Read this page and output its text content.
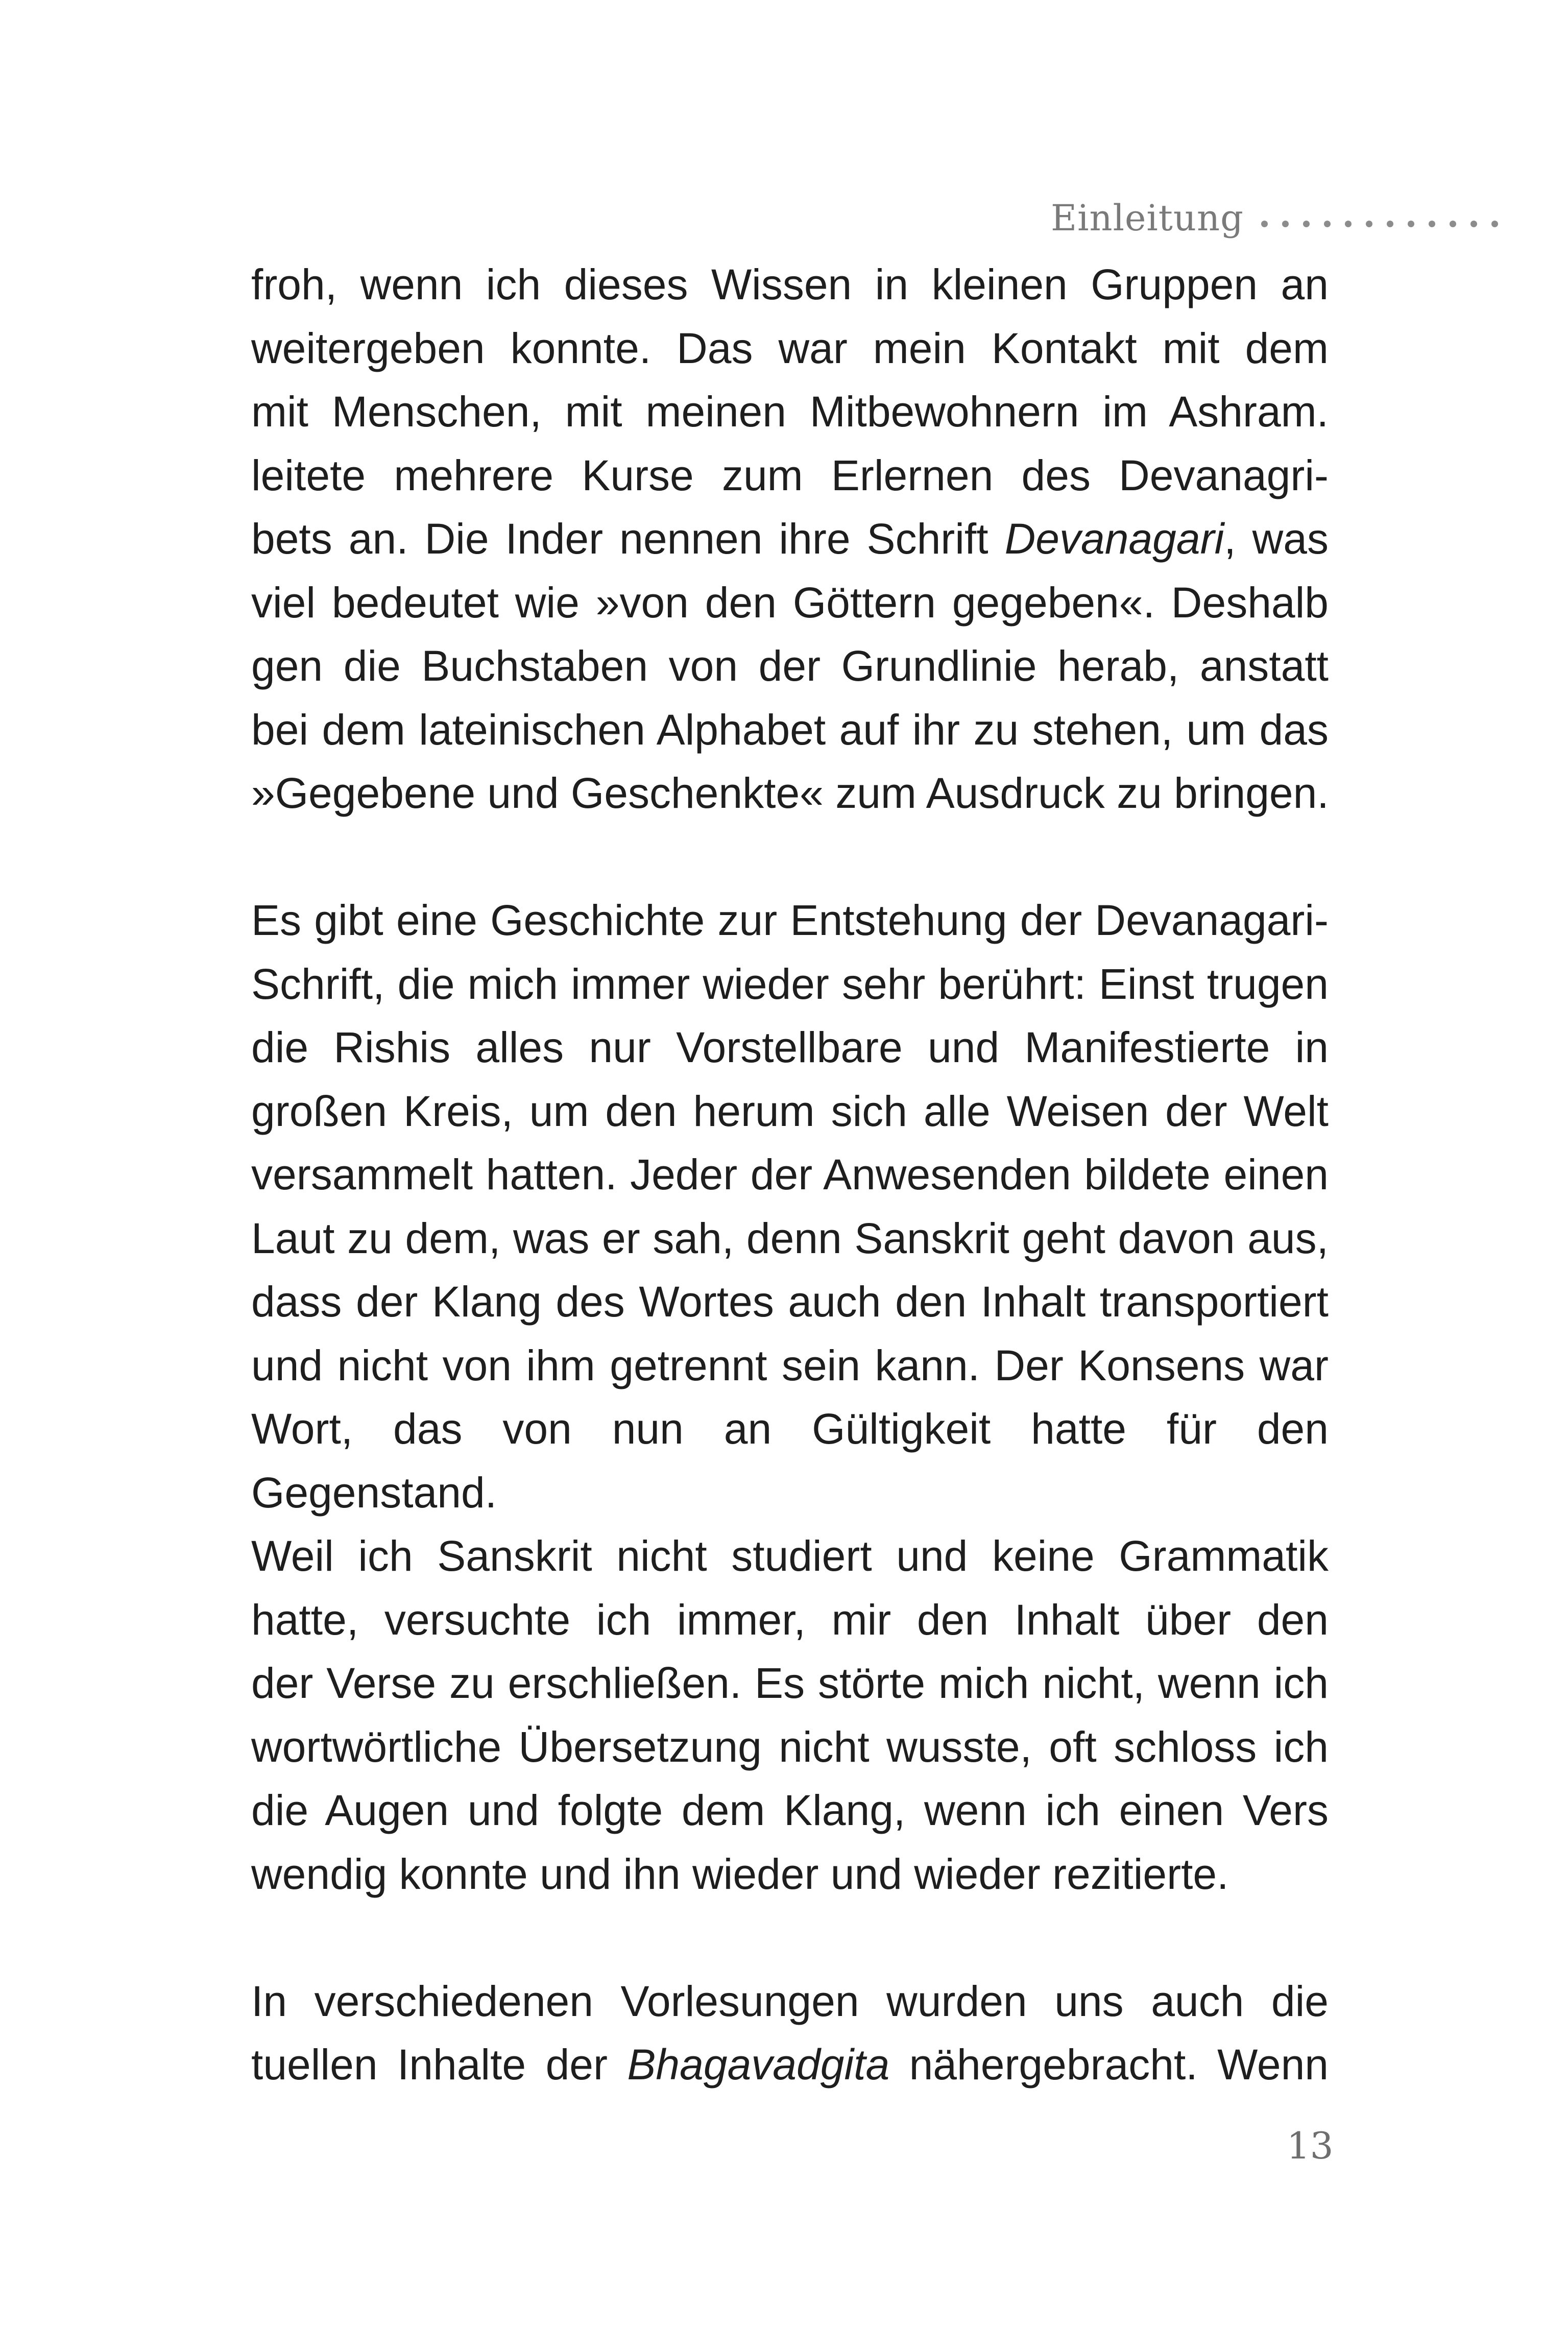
Einleitung
froh, wenn ich dieses Wissen in kleinen Gruppen an
weitergeben konnte. Das war mein Kontakt mit dem
mit Menschen, mit meinen Mitbewohnern im Ashram.
leitete mehrere Kurse zum Erlernen des Devanagri-
bets an. Die Inder nennen ihre Schrift Devanagari, was
viel bedeutet wie »von den Göttern gegeben«. Deshalb
gen die Buchstaben von der Grundlinie herab, anstatt
bei dem lateinischen Alphabet auf ihr zu stehen, um das
»Gegebene und Geschenkte« zum Ausdruck zu bringen.
Es gibt eine Geschichte zur Entstehung der Devanagari-
Schrift, die mich immer wieder sehr berührt: Einst trugen
die Rishis alles nur Vorstellbare und Manifestierte in
großen Kreis, um den herum sich alle Weisen der Welt
versammelt hatten. Jeder der Anwesenden bildete einen
Laut zu dem, was er sah, denn Sanskrit geht davon aus,
dass der Klang des Wortes auch den Inhalt transportiert
und nicht von ihm getrennt sein kann. Der Konsens war
Wort, das von nun an Gültigkeit hatte für den
Gegenstand.
Weil ich Sanskrit nicht studiert und keine Grammatik
hatte, versuchte ich immer, mir den Inhalt über den
der Verse zu erschließen. Es störte mich nicht, wenn ich
wortwörtliche Übersetzung nicht wusste, oft schloss ich
die Augen und folgte dem Klang, wenn ich einen Vers
wendig konnte und ihn wieder und wieder rezitierte.
In verschiedenen Vorlesungen wurden uns auch die
tuellen Inhalte der Bhagavadgita nähergebracht. Wenn
13
